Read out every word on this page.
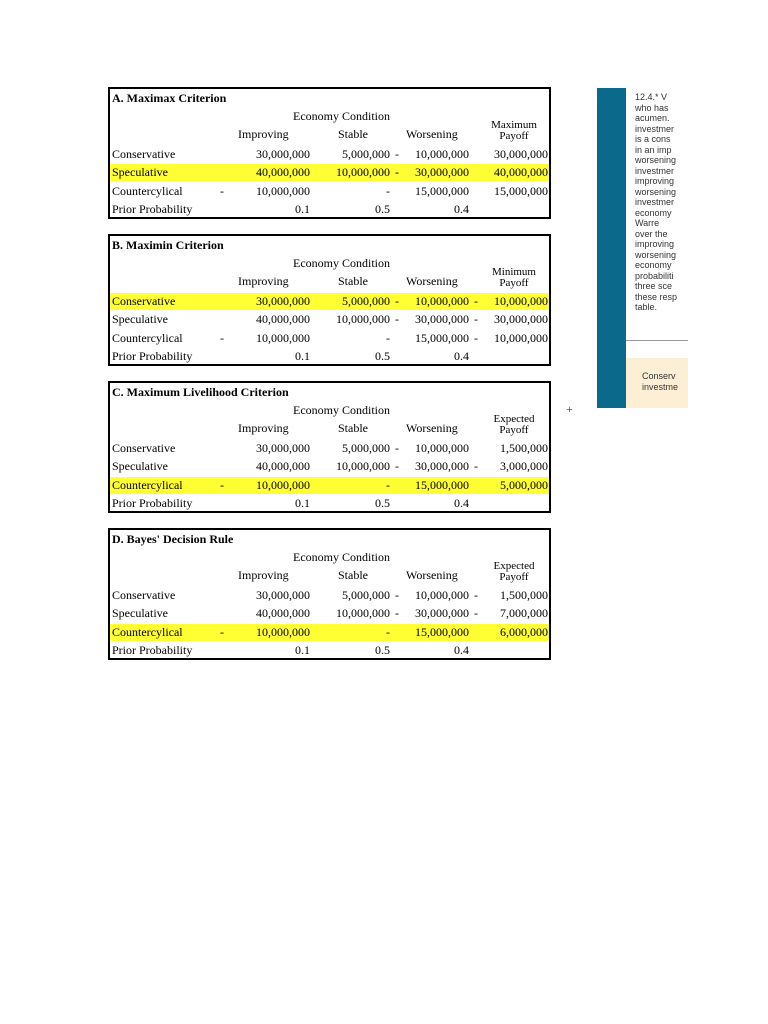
A. Maximax Criterion
Economy Condition
Improving	Stable	Worsening
Maximum Payoff
Conservative	30,000,000	5,000,000 -	10,000,000	30,000,000
Speculative	40,000,000	10,000,000 -	30,000,000	40,000,000
Countercylical	-	10,000,000	-	15,000,000	15,000,000
Prior Probability	0.1	0.5	0.4
B. Maximin Criterion
Economy Condition
Improving	Stable	Worsening
Minimum Payoff
Conservative	30,000,000	5,000,000 -	10,000,000 -	10,000,000
Speculative	40,000,000	10,000,000 -	30,000,000 -	30,000,000
Countercylical	-	10,000,000	-	15,000,000 -	10,000,000
Prior Probability	0.1	0.5	0.4
C. Maximum Livelihood Criterion
Economy Condition
Improving	Stable	Worsening
Expected Payoff
Conservative	30,000,000	5,000,000 -	10,000,000	1,500,000
Speculative	40,000,000	10,000,000 -	30,000,000 -	3,000,000
Countercylical	-	10,000,000	-	15,000,000	5,000,000
Prior Probability	0.1	0.5	0.4
D. Bayes' Decision Rule
Economy Condition
Improving	Stable	Worsening
Expected Payoff
Conservative	30,000,000	5,000,000 -	10,000,000 -	1,500,000
Speculative	40,000,000	10,000,000 -	30,000,000 -	7,000,000
Countercylical	-	10,000,000	-	15,000,000	6,000,000
Prior Probability	0.1	0.5	0.4
12.4.* V
who has
acumen.
investmer
is a cons
in an imp
worsening
investmer
improving
worsening
investmer
economy
Warre
over the
improving
worsening
economy
probabiliti
three sce
these resp
table.
Conserv
investme
+
